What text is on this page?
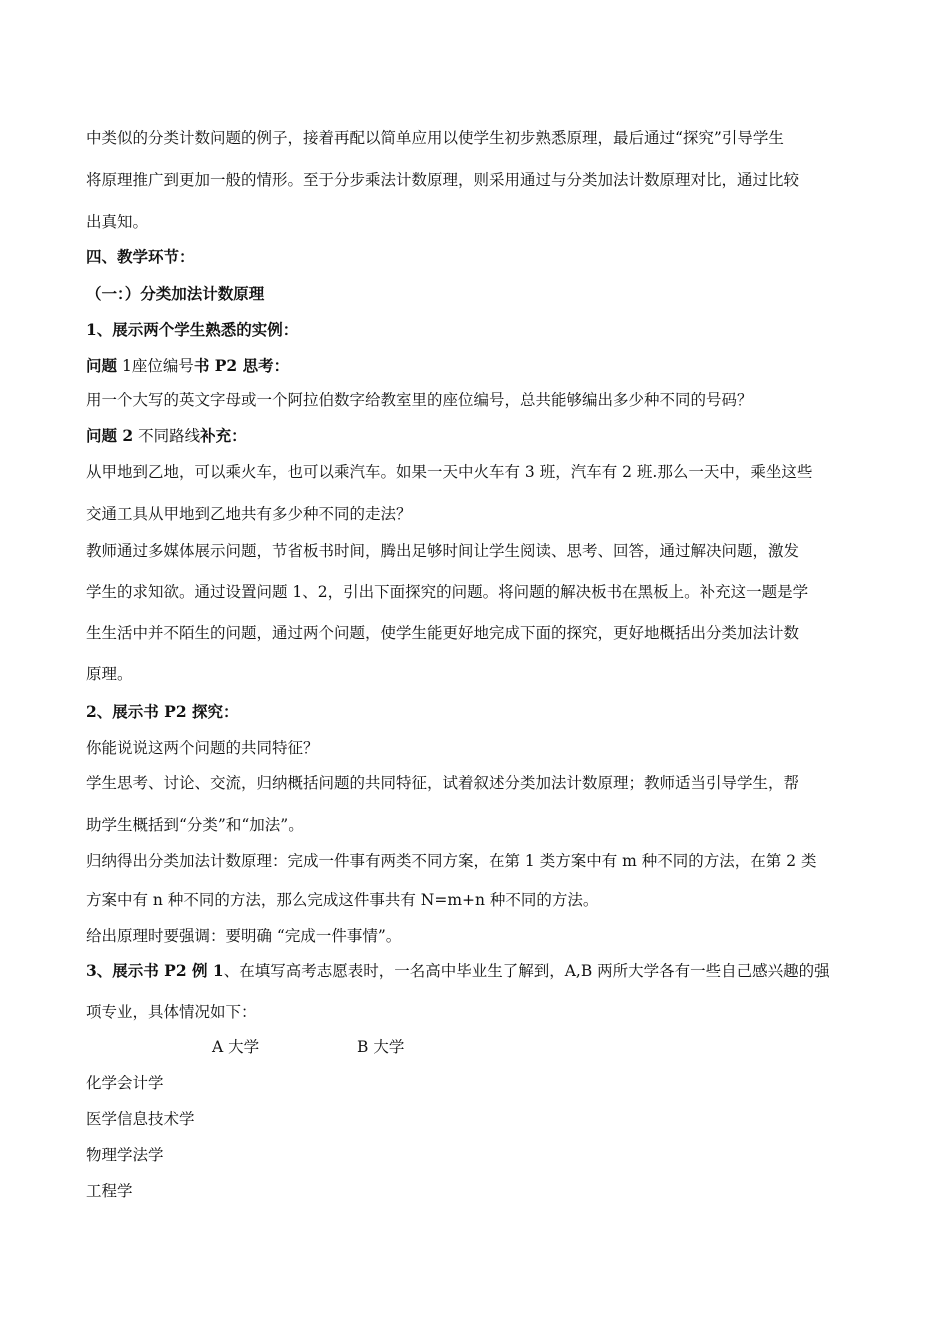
中类似的分类计数问题的例子，接着再配以简单应用以使学生初步熟悉原理，最后通过“探究”引导学生
将原理推广到更加一般的情形。至于分步乘法计数原理，则采用通过与分类加法计数原理对比，通过比较
出真知。
四、教学环节：
（一：）分类加法计数原理
1、展示两个学生熟悉的实例：
问题 1座位编号书 P2 思考：
用一个大写的英文字母或一个阿拉伯数字给教室里的座位编号，总共能够编出多少种不同的号码？
问题 2 不同路线补充：
从甲地到乙地，可以乘火车，也可以乘汽车。如果一天中火车有 3 班，汽车有 2 班.那么一天中，乘坐这些
交通工具从甲地到乙地共有多少种不同的走法？
教师通过多媒体展示问题，节省板书时间，腾出足够时间让学生阅读、思考、回答，通过解决问题，激发
学生的求知欲。通过设置问题 1、2，引出下面探究的问题。将问题的解决板书在黑板上。补充这一题是学
生生活中并不陌生的问题，通过两个问题，使学生能更好地完成下面的探究，更好地概括出分类加法计数
原理。
2、展示书 P2 探究：
你能说说这两个问题的共同特征？
学生思考、讨论、交流，归纳概括问题的共同特征，试着叙述分类加法计数原理；教师适当引导学生，帮
助学生概括到“分类”和“加法”。
归纳得出分类加法计数原理：完成一件事有两类不同方案，在第 1 类方案中有 m 种不同的方法，在第 2 类
方案中有 n 种不同的方法，那么完成这件事共有 N=m+n 种不同的方法。
给出原理时要强调：要明确 “完成一件事情”。
3、展示书 P2 例 1、在填写高考志愿表时，一名高中毕业生了解到，A,B 两所大学各有一些自己感兴趣的强
项专业，具体情况如下：
A 大学	B 大学
化学会计学
医学信息技术学
物理学法学
工程学
